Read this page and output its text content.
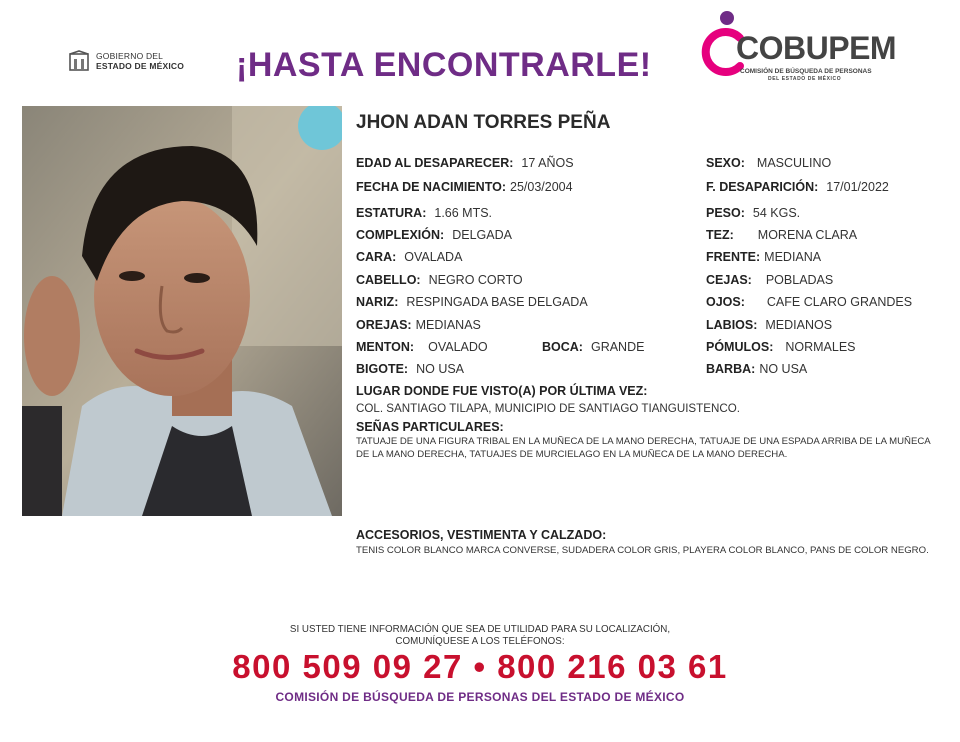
GOBIERNO DEL
ESTADO DE MÉXICO ¡HASTA ENCONTRARLE!	COBUPEM
COMISIÓN DE BÚSQUEDA DE PERSONAS
DEL ESTADO DE MÉXICO
JHON ADAN TORRES PEÑA
EDAD AL DESAPARECER: 17 AÑOS
FECHA DE NACIMIENTO: 25/03/2004
ESTATURA: 1.66 MTS.
COMPLEXIÓN: DELGADA
CARA: OVALADA
CABELLO: NEGRO CORTO
NARIZ: RESPINGADA BASE DELGADA
OREJAS: MEDIANAS
MENTON: OVALADO	BOCA: GRANDE
BIGOTE: NO USA
SEXO: MASCULINO
F. DESAPARICIÓN: 17/01/2022
PESO: 54 KGS.
TEZ: MORENA CLARA
FRENTE: MEDIANA
CEJAS: POBLADAS
OJOS: CAFE CLARO GRANDES
LABIOS: MEDIANOS
PÓMULOS: NORMALES
BARBA: NO USA
LUGAR DONDE FUE VISTO(A) POR ÚLTIMA VEZ:
COL. SANTIAGO TILAPA, MUNICIPIO DE SANTIAGO TIANGUISTENCO.
SEÑAS PARTICULARES:
TATUAJE DE UNA FIGURA TRIBAL EN LA MUÑECA DE LA MANO DERECHA, TATUAJE DE UNA ESPADA ARRIBA DE LA MUÑECA DE LA MANO DERECHA, TATUAJES DE MURCIELAGO EN LA MUÑECA DE LA MANO DERECHA.
ACCESORIOS, VESTIMENTA Y CALZADO:
TENIS COLOR BLANCO MARCA CONVERSE, SUDADERA COLOR GRIS, PLAYERA COLOR BLANCO, PANS DE COLOR NEGRO.
SI USTED TIENE INFORMACIÓN QUE SEA DE UTILIDAD PARA SU LOCALIZACIÓN,
COMUNÍQUESE A LOS TELÉFONOS:
800 509 09 27 • 800 216 03 61
COMISIÓN DE BÚSQUEDA DE PERSONAS DEL ESTADO DE MÉXICO
